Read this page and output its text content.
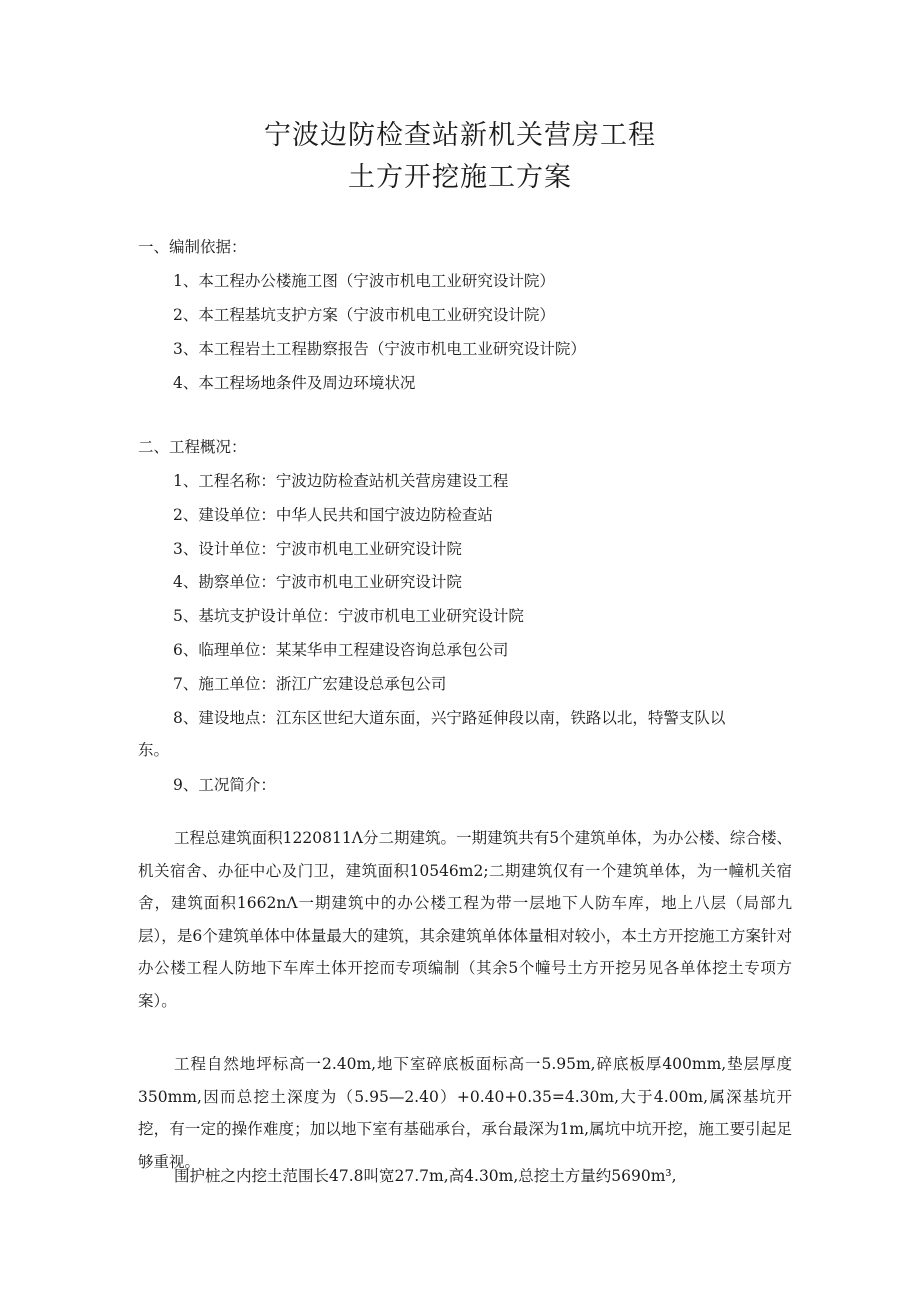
宁波边防检查站新机关营房工程
土方开挖施工方案
一、编制依据：
1、本工程办公楼施工图（宁波市机电工业研究设计院）
2、本工程基坑支护方案（宁波市机电工业研究设计院）
3、本工程岩土工程勘察报告（宁波市机电工业研究设计院）
4、本工程场地条件及周边环境状况
二、工程概况：
1、工程名称：宁波边防检查站机关营房建设工程
2、建设单位：中华人民共和国宁波边防检查站
3、设计单位：宁波市机电工业研究设计院
4、勘察单位：宁波市机电工业研究设计院
5、基坑支护设计单位：宁波市机电工业研究设计院
6、临理单位：某某华申工程建设咨询总承包公司
7、施工单位：浙江广宏建设总承包公司
8、建设地点：江东区世纪大道东面，兴宁路延伸段以南，铁路以北，特警支队以
东。
9、工况简介：
工程总建筑面积1220811Λ分二期建筑。一期建筑共有5个建筑单体，为办公楼、综合楼、机关宿舍、办征中心及门卫，建筑面积10546m2;二期建筑仅有一个建筑单体，为一幢机关宿舍，建筑面积1662nΛ一期建筑中的办公楼工程为带一层地下人防车库，地上八层（局部九层），是6个建筑单体中体量最大的建筑，其余建筑单体体量相对较小，本土方开挖施工方案针对办公楼工程人防地下车库土体开挖而专项编制（其余5个幢号土方开挖另见各单体挖土专项方案）。
工程自然地坪标高一2.40m,地下室碎底板面标高一5.95m,碎底板厚400mm,垫层厚度350mm,因而总挖土深度为（5.95—2.40）+0.40+0.35=4.30m,大于4.00m,属深基坑开挖，有一定的操作难度；加以地下室有基础承台，承台最深为1m,属坑中坑开挖，施工要引起足够重视。
围护桩之内挖土范围长47.8叫宽27.7m,高4.30m,总挖土方量约5690m³,
